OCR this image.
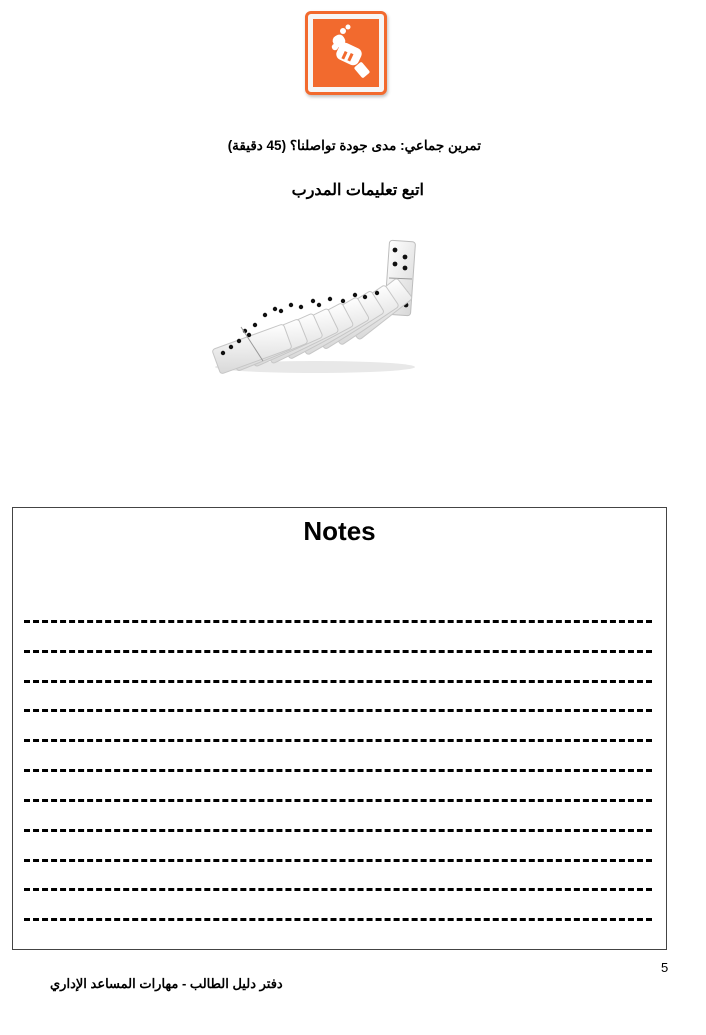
تمرين جماعي: مدى جودة تواصلنا؟ (45 دقيقة)
اتبع تعليمات المدرب
Notes
5
دفتر دليل الطالب - مهارات المساعد الإداري
